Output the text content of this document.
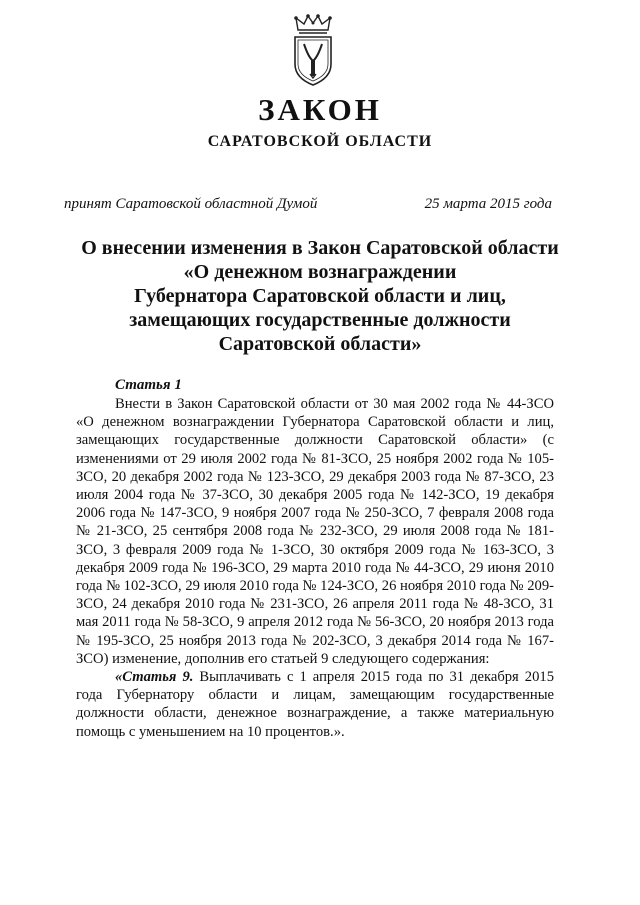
ЗАКОН
САРАТОВСКОЙ ОБЛАСТИ
принят Саратовской областной Думой	25 марта 2015 года
О внесении изменения в Закон Саратовской области
«О денежном вознаграждении
Губернатора Саратовской области и лиц,
замещающих государственные должности
Саратовской области»
Статья 1

Внести в Закон Саратовской области от 30 мая 2002 года № 44-ЗСО «О денежном вознаграждении Губернатора Саратовской области и лиц, замещающих государственные должности Саратовской области» (с изменениями от 29 июля 2002 года № 81-ЗСО, 25 ноября 2002 года № 105-ЗСО, 20 декабря 2002 года № 123-ЗСО, 29 декабря 2003 года № 87-ЗСО, 23 июля 2004 года № 37-ЗСО, 30 декабря 2005 года № 142-ЗСО, 19 декабря 2006 года № 147-ЗСО, 9 ноября 2007 года № 250-ЗСО, 7 февраля 2008 года № 21-ЗСО, 25 сентября 2008 года № 232-ЗСО, 29 июля 2008 года № 181-ЗСО, 3 февраля 2009 года № 1-ЗСО, 30 октября 2009 года № 163-ЗСО, 3 декабря 2009 года № 196-ЗСО, 29 марта 2010 года № 44-ЗСО, 29 июня 2010 года № 102-ЗСО, 29 июля 2010 года № 124-ЗСО, 26 ноября 2010 года № 209-ЗСО, 24 декабря 2010 года № 231-ЗСО, 26 апреля 2011 года № 48-ЗСО, 31 мая 2011 года № 58-ЗСО, 9 апреля 2012 года № 56-ЗСО, 20 ноября 2013 года № 195-ЗСО, 25 ноября 2013 года № 202-ЗСО, 3 декабря 2014 года № 167-ЗСО) изменение, дополнив его статьей 9 следующего содержания:

«Статья 9. Выплачивать с 1 апреля 2015 года по 31 декабря 2015 года Губернатору области и лицам, замещающим государственные должности области, денежное вознаграждение, а также материальную помощь с уменьшением на 10 процентов.».
